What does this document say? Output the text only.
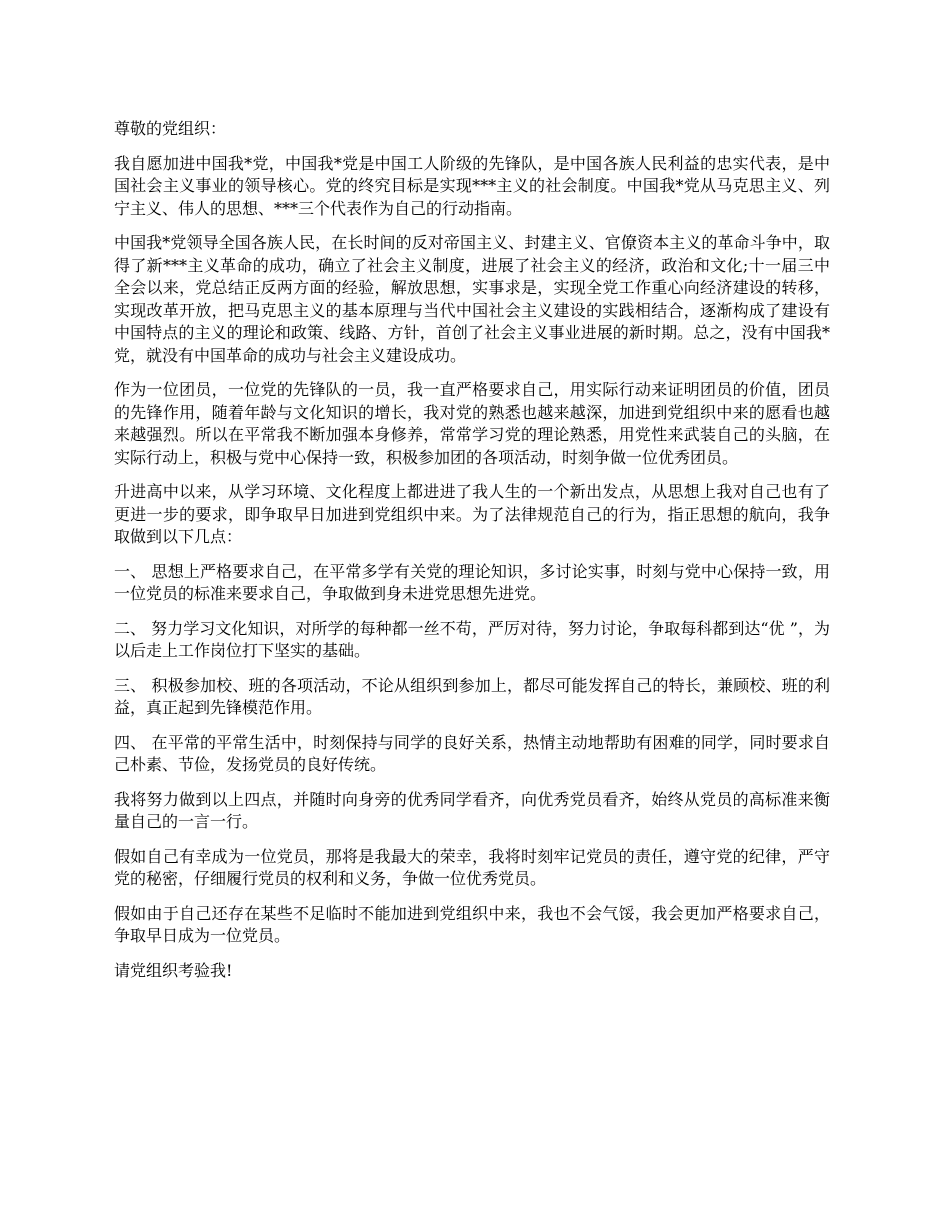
尊敬的党组织：

我自愿加进中国我*党，中国我*党是中国工人阶级的先锋队，是中国各族人民利益的忠实代表，是中国社会主义事业的领导核心。党的终究目标是实现***主义的社会制度。中国我*党从马克思主义、列宁主义、伟人的思想、***三个代表作为自己的行动指南。

中国我*党领导全国各族人民，在长时间的反对帝国主义、封建主义、官僚资本主义的革命斗争中，取得了新***主义革命的成功，确立了社会主义制度，进展了社会主义的经济，政治和文化;十一届三中全会以来，党总结正反两方面的经验，解放思想，实事求是，实现全党工作重心向经济建设的转移，实现改革开放，把马克思主义的基本原理与当代中国社会主义建设的实践相结合，逐渐构成了建设有中国特点的主义的理论和政策、线路、方针，首创了社会主义事业进展的新时期。总之，没有中国我*党，就没有中国革命的成功与社会主义建设成功。

作为一位团员，一位党的先锋队的一员，我一直严格要求自己，用实际行动来证明团员的价值，团员的先锋作用，随着年龄与文化知识的增长，我对党的熟悉也越来越深，加进到党组织中来的愿看也越来越强烈。所以在平常我不断加强本身修养，常常学习党的理论熟悉，用党性来武装自己的头脑，在实际行动上，积极与党中心保持一致，积极参加团的各项活动，时刻争做一位优秀团员。

升进高中以来，从学习环境、文化程度上都进进了我人生的一个新出发点，从思想上我对自己也有了更进一步的要求，即争取早日加进到党组织中来。为了法律规范自己的行为，指正思想的航向，我争取做到以下几点：

一、 思想上严格要求自己，在平常多学有关党的理论知识，多讨论实事，时刻与党中心保持一致，用一位党员的标准来要求自己，争取做到身未进党思想先进党。

二、 努力学习文化知识，对所学的每种都一丝不苟，严厉对待，努力讨论，争取每科都到达“优 ”，为以后走上工作岗位打下坚实的基础。

三、 积极参加校、班的各项活动，不论从组织到参加上，都尽可能发挥自己的特长，兼顾校、班的利益，真正起到先锋模范作用。

四、 在平常的平常生活中，时刻保持与同学的良好关系，热情主动地帮助有困难的同学，同时要求自己朴素、节俭，发扬党员的良好传统。

我将努力做到以上四点，并随时向身旁的优秀同学看齐，向优秀党员看齐，始终从党员的高标准来衡量自己的一言一行。

假如自己有幸成为一位党员，那将是我最大的荣幸，我将时刻牢记党员的责任，遵守党的纪律，严守党的秘密，仔细履行党员的权利和义务，争做一位优秀党员。

假如由于自己还存在某些不足临时不能加进到党组织中来，我也不会气馁，我会更加严格要求自己，争取早日成为一位党员。

请党组织考验我!
